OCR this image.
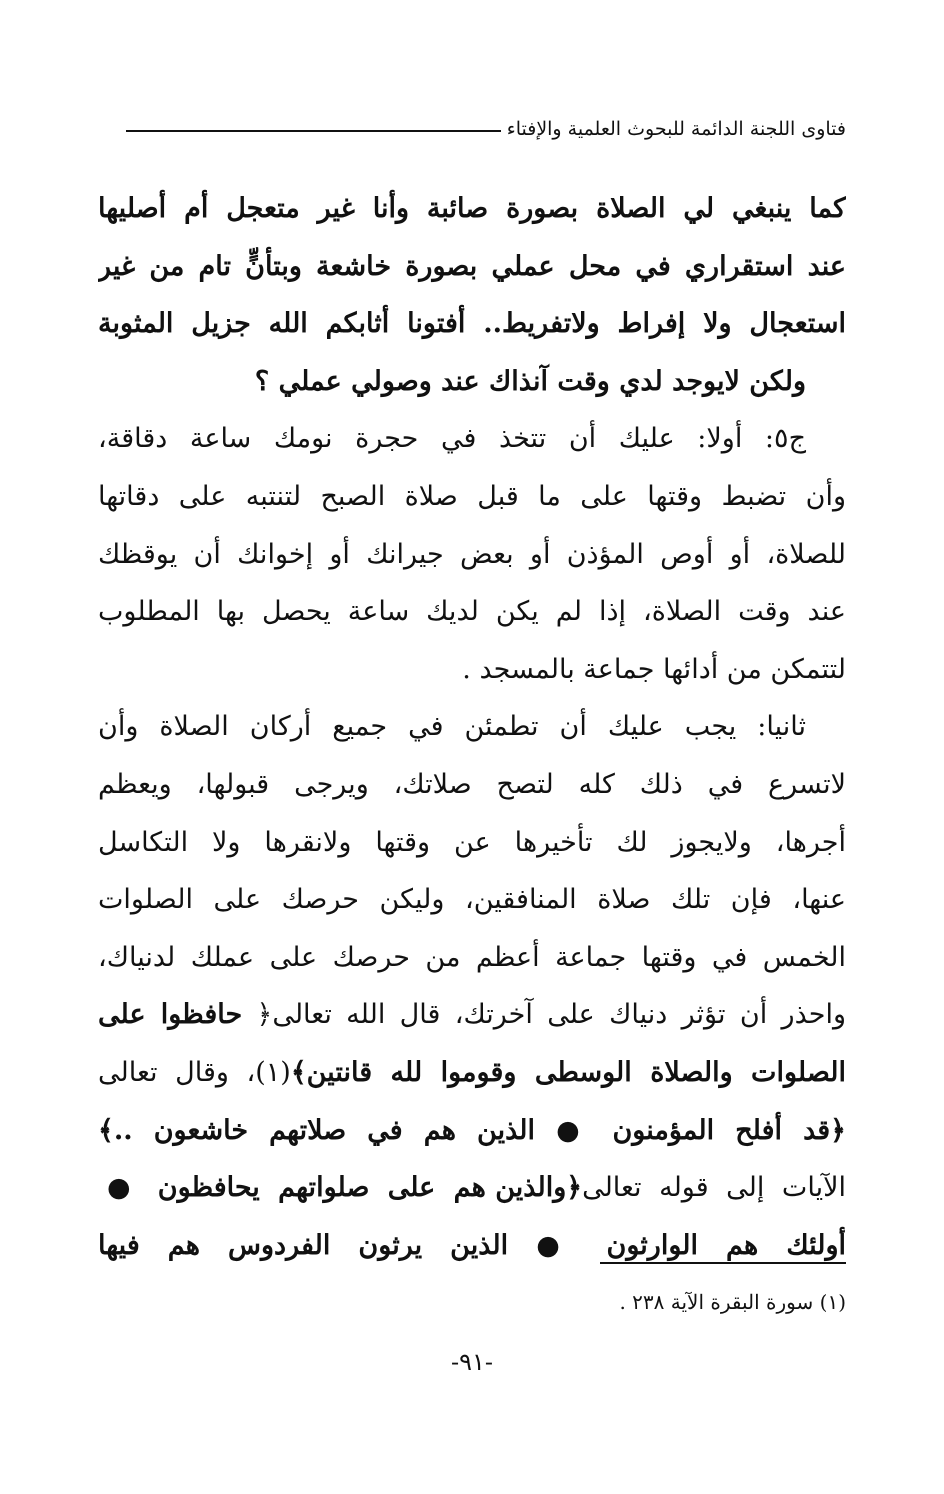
فتاوى اللجنة الدائمة للبحوث العلمية والإفتاء
كما ينبغي لي الصلاة بصورة صائبة وأنا غير متعجل أم أصليها
عند استقراري في محل عملي بصورة خاشعة وبتأنٍّ تام من غير
استعجال ولا إفراط ولاتفريط.. أفتونا أثابكم الله جزيل المثوبة
ولكن لايوجد لدي وقت آنذاك عند وصولي عملي ؟
ج٥: أولا: عليك أن تتخذ في حجرة نومك ساعة دقاقة،
وأن تضبط وقتها على ما قبل صلاة الصبح لتنتبه على دقاتها
للصلاة، أو أوص المؤذن أو بعض جيرانك أو إخوانك أن يوقظك
عند وقت الصلاة، إذا لم يكن لديك ساعة يحصل بها المطلوب
لتتمكن من أدائها جماعة بالمسجد .
ثانيا: يجب عليك أن تطمئن في جميع أركان الصلاة وأن
لاتسرع في ذلك كله لتصح صلاتك، ويرجى قبولها، ويعظم
أجرها، ولايجوز لك تأخيرها عن وقتها ولانقرها ولا التكاسل
عنها، فإن تلك صلاة المنافقين، وليكن حرصك على الصلوات
الخمس في وقتها جماعة أعظم من حرصك على عملك لدنياك،
واحذر أن تؤثر دنياك على آخرتك، قال الله تعالى﴿ حافظوا على
الصلوات والصلاة الوسطى وقوموا لله قانتين﴾(١)، وقال تعالى
﴿قد أفلح المؤمنون ● الذين هم في صلاتهم خاشعون ..﴾
الآيات إلى قوله تعالى﴿والذين هم على صلواتهم يحافظون ●
أولئك هم الوارثون ● الذين يرثون الفردوس هم فيها
(١) سورة البقرة الآية ٢٣٨ .
-٩١-
